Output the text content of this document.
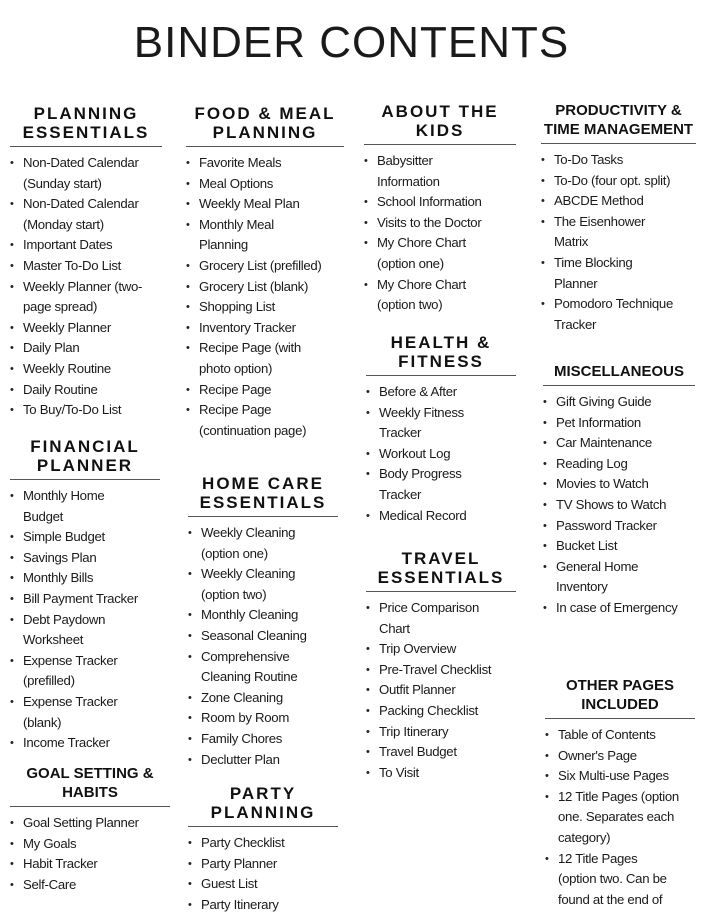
BINDER CONTENTS
PLANNING
ESSENTIALS
• Non-Dated Calendar
(Sunday start)
• Non-Dated Calendar
(Monday start)
• Important Dates
• Master To-Do List
• Weekly Planner (two-
page spread)
• Weekly Planner
• Daily Plan
• Weekly Routine
• Daily Routine
• To Buy/To-Do List
FINANCIAL
PLANNER
• Monthly Home
Budget
• Simple Budget
• Savings Plan
• Monthly Bills
• Bill Payment Tracker
• Debt Paydown
Worksheet
• Expense Tracker
(prefilled)
• Expense Tracker
(blank)
• Income Tracker
GOAL SETTING &
HABITS
• Goal Setting Planner
• My Goals
• Habit Tracker
• Self-Care
FOOD & MEAL
PLANNING
• Favorite Meals
• Meal Options
• Weekly Meal Plan
• Monthly Meal
Planning
• Grocery List (prefilled)
• Grocery List (blank)
• Shopping List
• Inventory Tracker
• Recipe Page (with
photo option)
• Recipe Page
• Recipe Page
(continuation page)
HOME CARE
ESSENTIALS
• Weekly Cleaning
(option one)
• Weekly Cleaning
(option two)
• Monthly Cleaning
• Seasonal Cleaning
• Comprehensive
Cleaning Routine
• Zone Cleaning
• Room by Room
• Family Chores
• Declutter Plan
PARTY
PLANNING
• Party Checklist
• Party Planner
• Guest List
• Party Itinerary
ABOUT THE
KIDS
• Babysitter
Information
• School Information
• Visits to the Doctor
• My Chore Chart
(option one)
• My Chore Chart
(option two)
HEALTH &
FITNESS
• Before & After
• Weekly Fitness
Tracker
• Workout Log
• Body Progress
Tracker
• Medical Record
TRAVEL
ESSENTIALS
• Price Comparison
Chart
• Trip Overview
• Pre-Travel Checklist
• Outfit Planner
• Packing Checklist
• Trip Itinerary
• Travel Budget
• To Visit
PRODUCTIVITY &
TIME MANAGEMENT
• To-Do Tasks
• To-Do (four opt. split)
• ABCDE Method
• The Eisenhower
Matrix
• Time Blocking
Planner
• Pomodoro Technique
Tracker
MISCELLANEOUS
• Gift Giving Guide
• Pet Information
• Car Maintenance
• Reading Log
• Movies to Watch
• TV Shows to Watch
• Password Tracker
• Bucket List
• General Home
Inventory
• In case of Emergency
OTHER PAGES
INCLUDED
• Table of Contents
• Owner's Page
• Six Multi-use Pages
• 12 Title Pages (option
one. Separates each
category)
• 12 Title Pages
(option two. Can be
found at the end of
